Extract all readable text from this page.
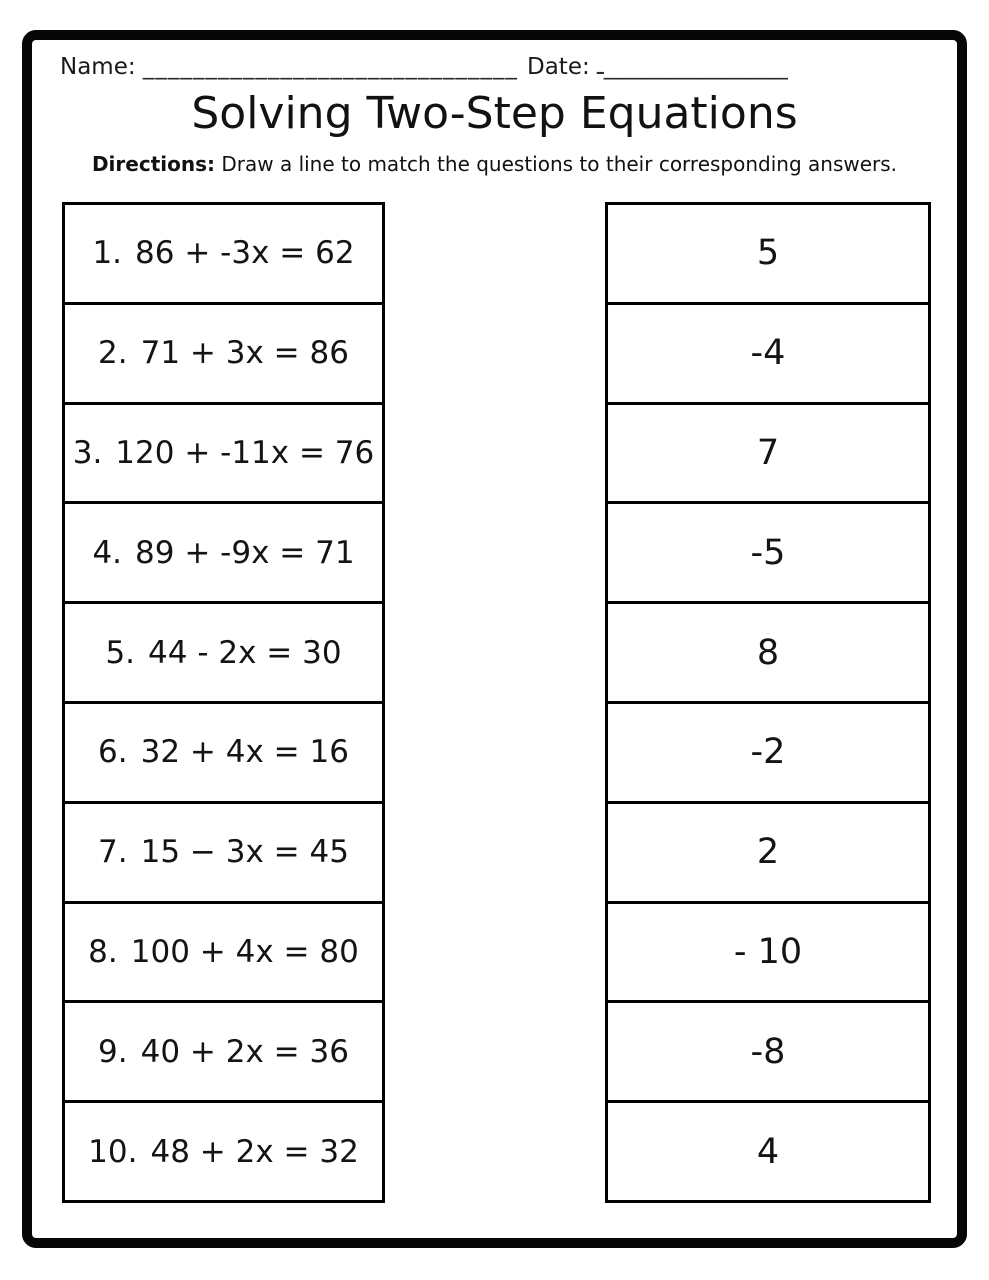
Name: ______________________________ Date: ـ________________
Solving Two-Step Equations

Directions: Draw a line to match the questions to their corresponding answers.

1. 86 + -3x = 62
2. 71 + 3x = 86
3. 120 + -11x = 76
4. 89 + -9x = 71
5. 44 - 2x = 30
6. 32 + 4x = 16
7. 15 − 3x = 45
8. 100 + 4x = 80
9. 40 + 2x = 36
10. 48 + 2x = 32
5
-4
7
-5
8
-2
2
- 10
-8
4
